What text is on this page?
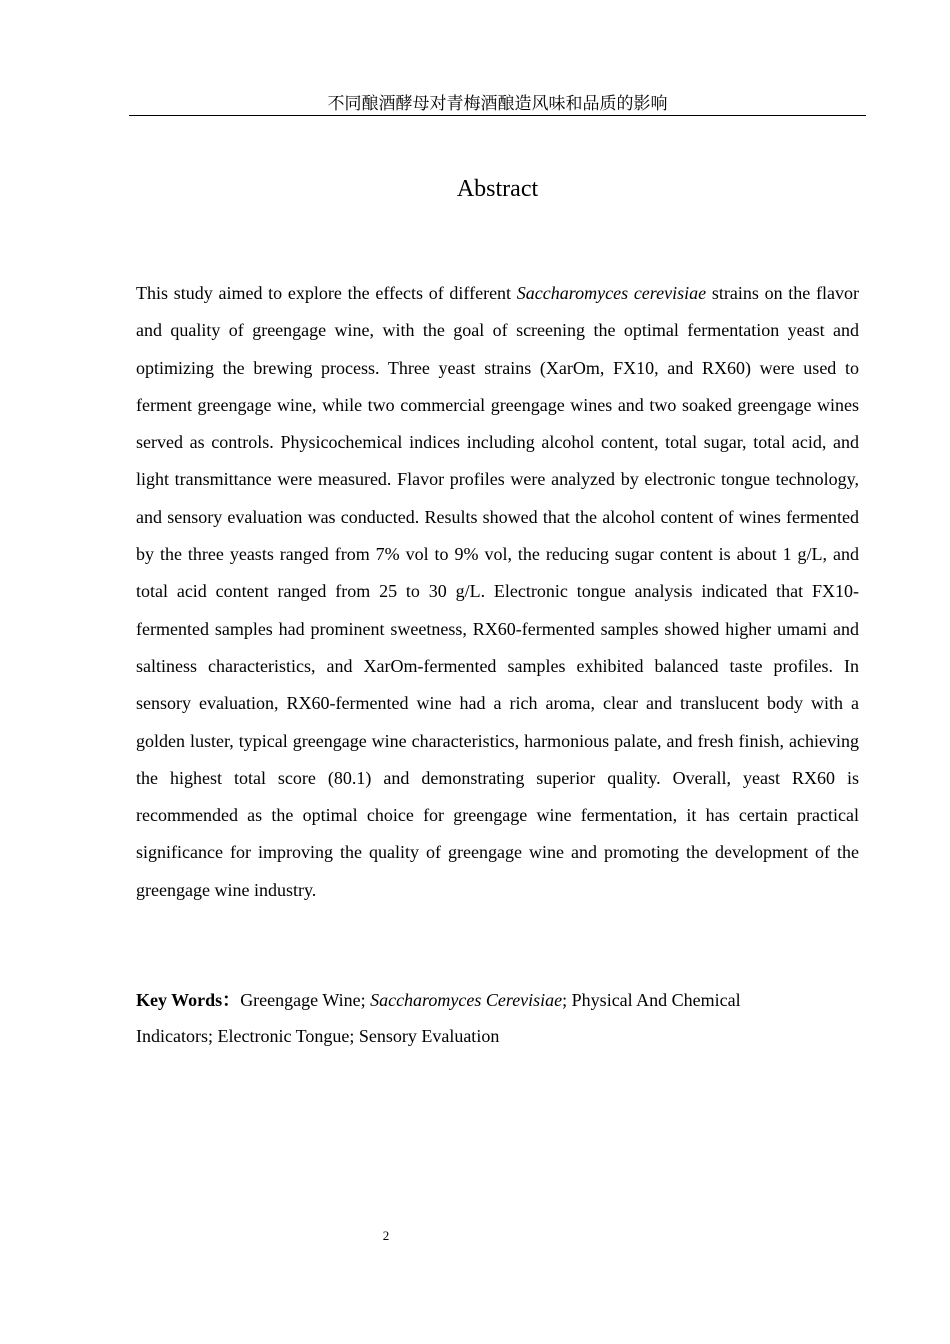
不同酿酒酵母对青梅酒酿造风味和品质的影响
Abstract

This study aimed to explore the effects of different Saccharomyces cerevisiae strains on the flavor and quality of greengage wine, with the goal of screening the optimal fermentation yeast and optimizing the brewing process. Three yeast strains (XarOm, FX10, and RX60) were used to ferment greengage wine, while two commercial greengage wines and two soaked greengage wines served as controls. Physicochemical indices including alcohol content, total sugar, total acid, and light transmittance were measured. Flavor profiles were analyzed by electronic tongue technology, and sensory evaluation was conducted. Results showed that the alcohol content of wines fermented by the three yeasts ranged from 7% vol to 9% vol, the reducing sugar content is about 1 g/L, and total acid content ranged from 25 to 30 g/L. Electronic tongue analysis indicated that FX10-fermented samples had prominent sweetness, RX60-fermented samples showed higher umami and saltiness characteristics, and XarOm-fermented samples exhibited balanced taste profiles. In sensory evaluation, RX60-fermented wine had a rich aroma, clear and translucent body with a golden luster, typical greengage wine characteristics, harmonious palate, and fresh finish, achieving the highest total score (80.1) and demonstrating superior quality. Overall, yeast RX60 is recommended as the optimal choice for greengage wine fermentation, it has certain practical significance for improving the quality of greengage wine and promoting the development of the greengage wine industry.

Key Words：Greengage Wine; Saccharomyces Cerevisiae; Physical And Chemical
Indicators; Electronic Tongue; Sensory Evaluation

2
